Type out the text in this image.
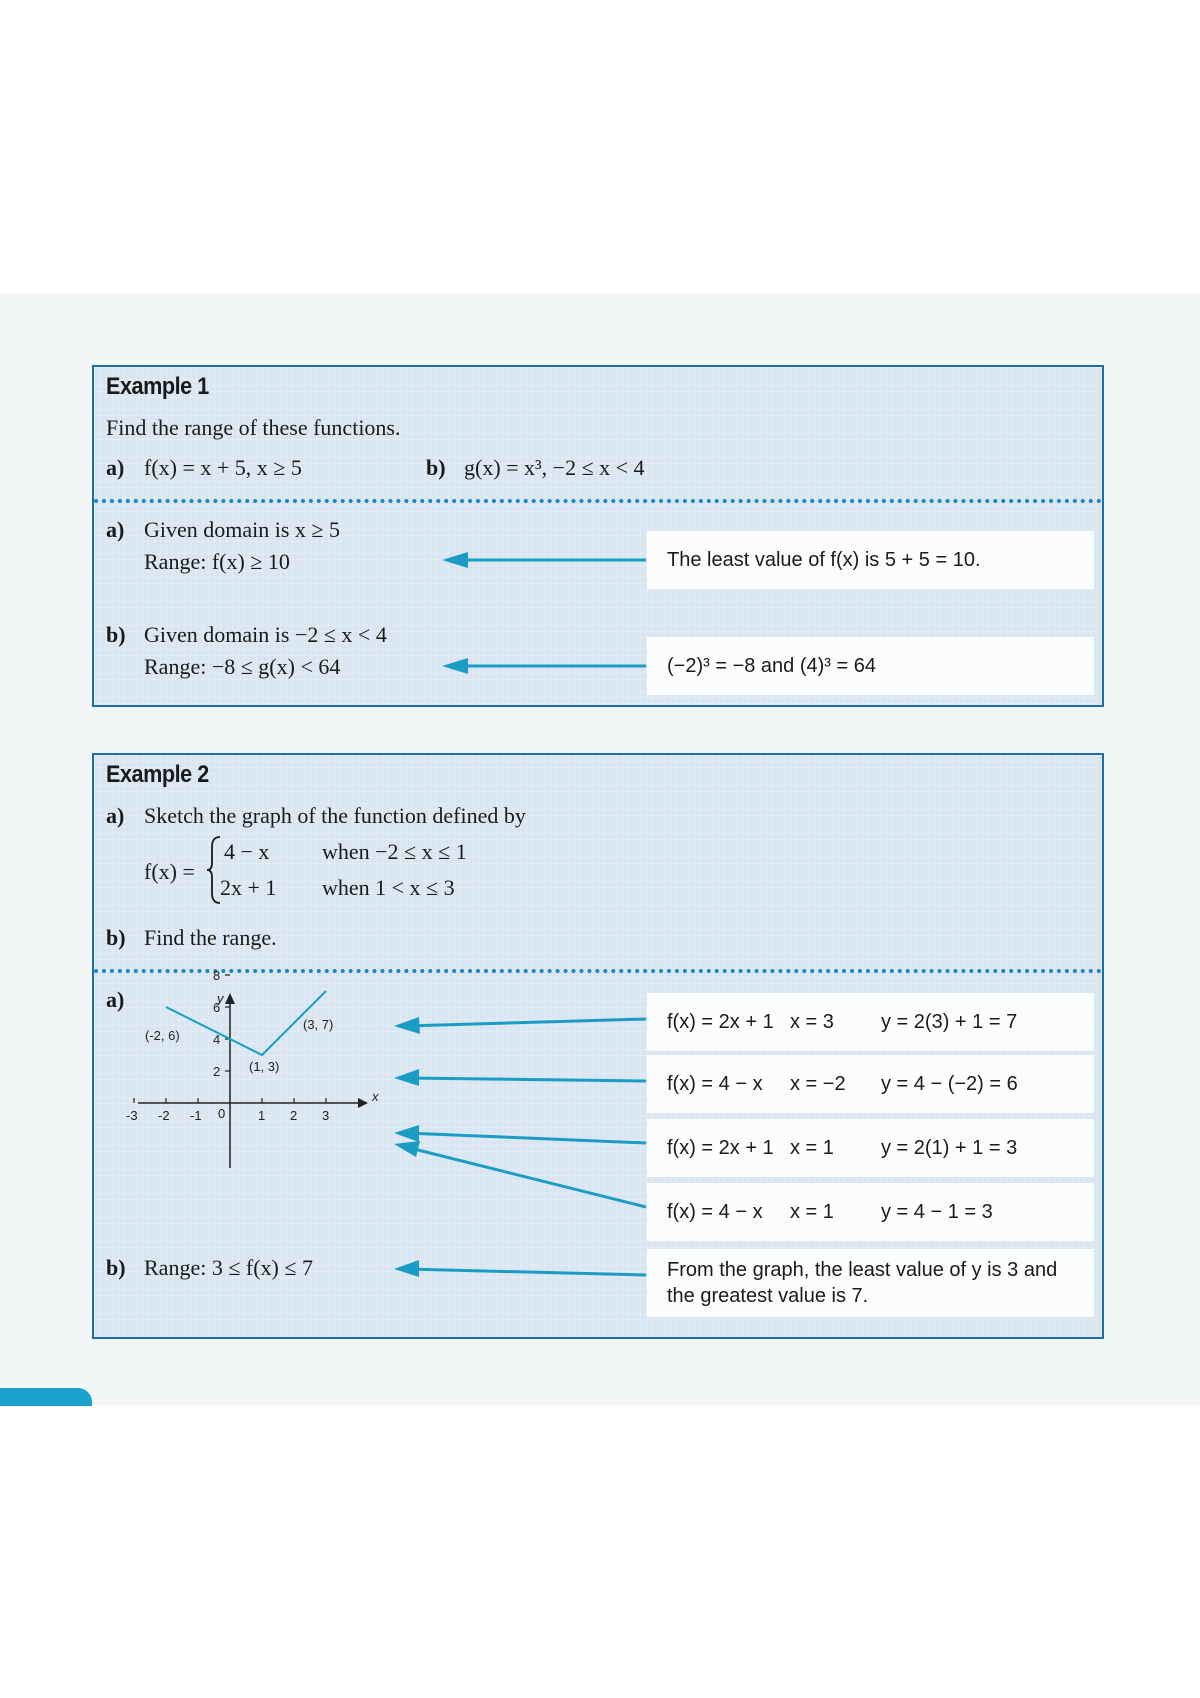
Example 1
Find the range of these functions.
a) f(x) = x + 5, x ≥ 5	b) g(x) = x³, −2 ≤ x < 4
a) Given domain is x ≥ 5
Range: f(x) ≥ 10	The least value of f(x) is 5 + 5 = 10.
b) Given domain is −2 ≤ x < 4
Range: −8 ≤ g(x) < 64	(−2)³ = −8 and (4)³ = 64
Example 2
a) Sketch the graph of the function defined by
f(x) =
4 − x when −2 ≤ x ≤ 1
2x + 1 when 1 < x ≤ 3
b) Find the range.
a)
x
y
0
-3 -2 -1	1 2 3
2
4
6
8
(-2, 6)
(3, 7)
(1, 3)
f(x) = 2x + 1 x = 3 y = 2(3) + 1 = 7
f(x) = 4 − x x = −2 y = 4 − (−2) = 6
f(x) = 2x + 1 x = 1 y = 2(1) + 1 = 3
f(x) = 4 − x x = 1 y = 4 − 1 = 3
b) Range: 3 ≤ f(x) ≤ 7	From the graph, the least value of y is 3 and the greatest value is 7.
